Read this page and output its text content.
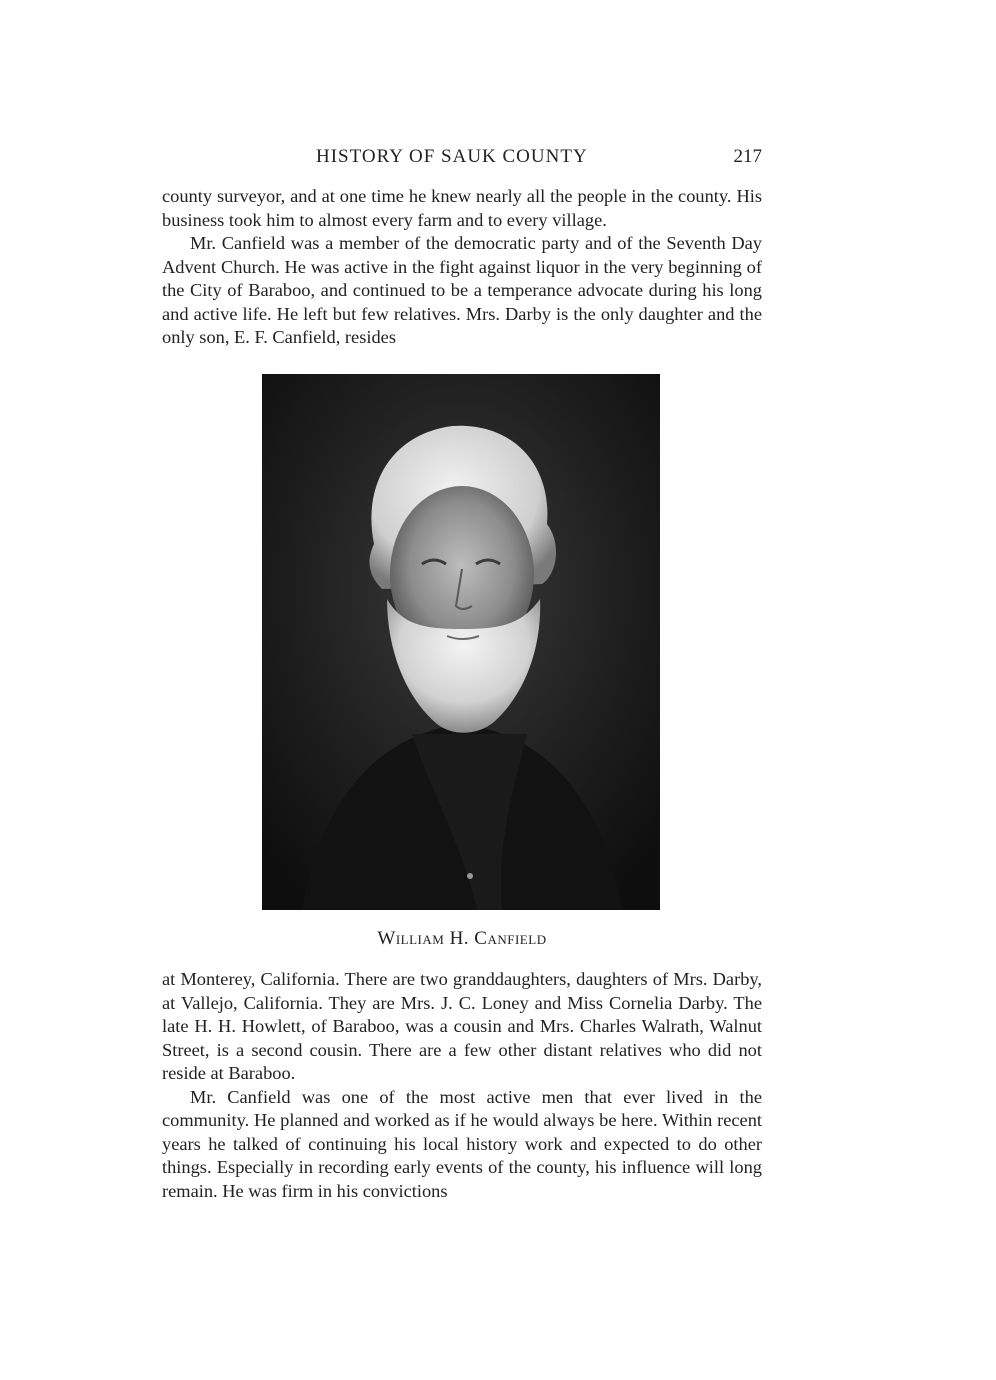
HISTORY OF SAUK COUNTY	217

county surveyor, and at one time he knew nearly all the people in the county. His business took him to almost every farm and to every village.

Mr. Canfield was a member of the democratic party and of the Seventh Day Advent Church. He was active in the fight against liquor in the very beginning of the City of Baraboo, and continued to be a temperance advocate during his long and active life. He left but few relatives. Mrs. Darby is the only daughter and the only son, E. F. Canfield, resides

William H. Canfield

at Monterey, California. There are two granddaughters, daughters of Mrs. Darby, at Vallejo, California. They are Mrs. J. C. Loney and Miss Cornelia Darby. The late H. H. Howlett, of Baraboo, was a cousin and Mrs. Charles Walrath, Walnut Street, is a second cousin. There are a few other distant relatives who did not reside at Baraboo.

Mr. Canfield was one of the most active men that ever lived in the community. He planned and worked as if he would always be here. Within recent years he talked of continuing his local history work and expected to do other things. Especially in recording early events of the county, his influence will long remain. He was firm in his convictions
